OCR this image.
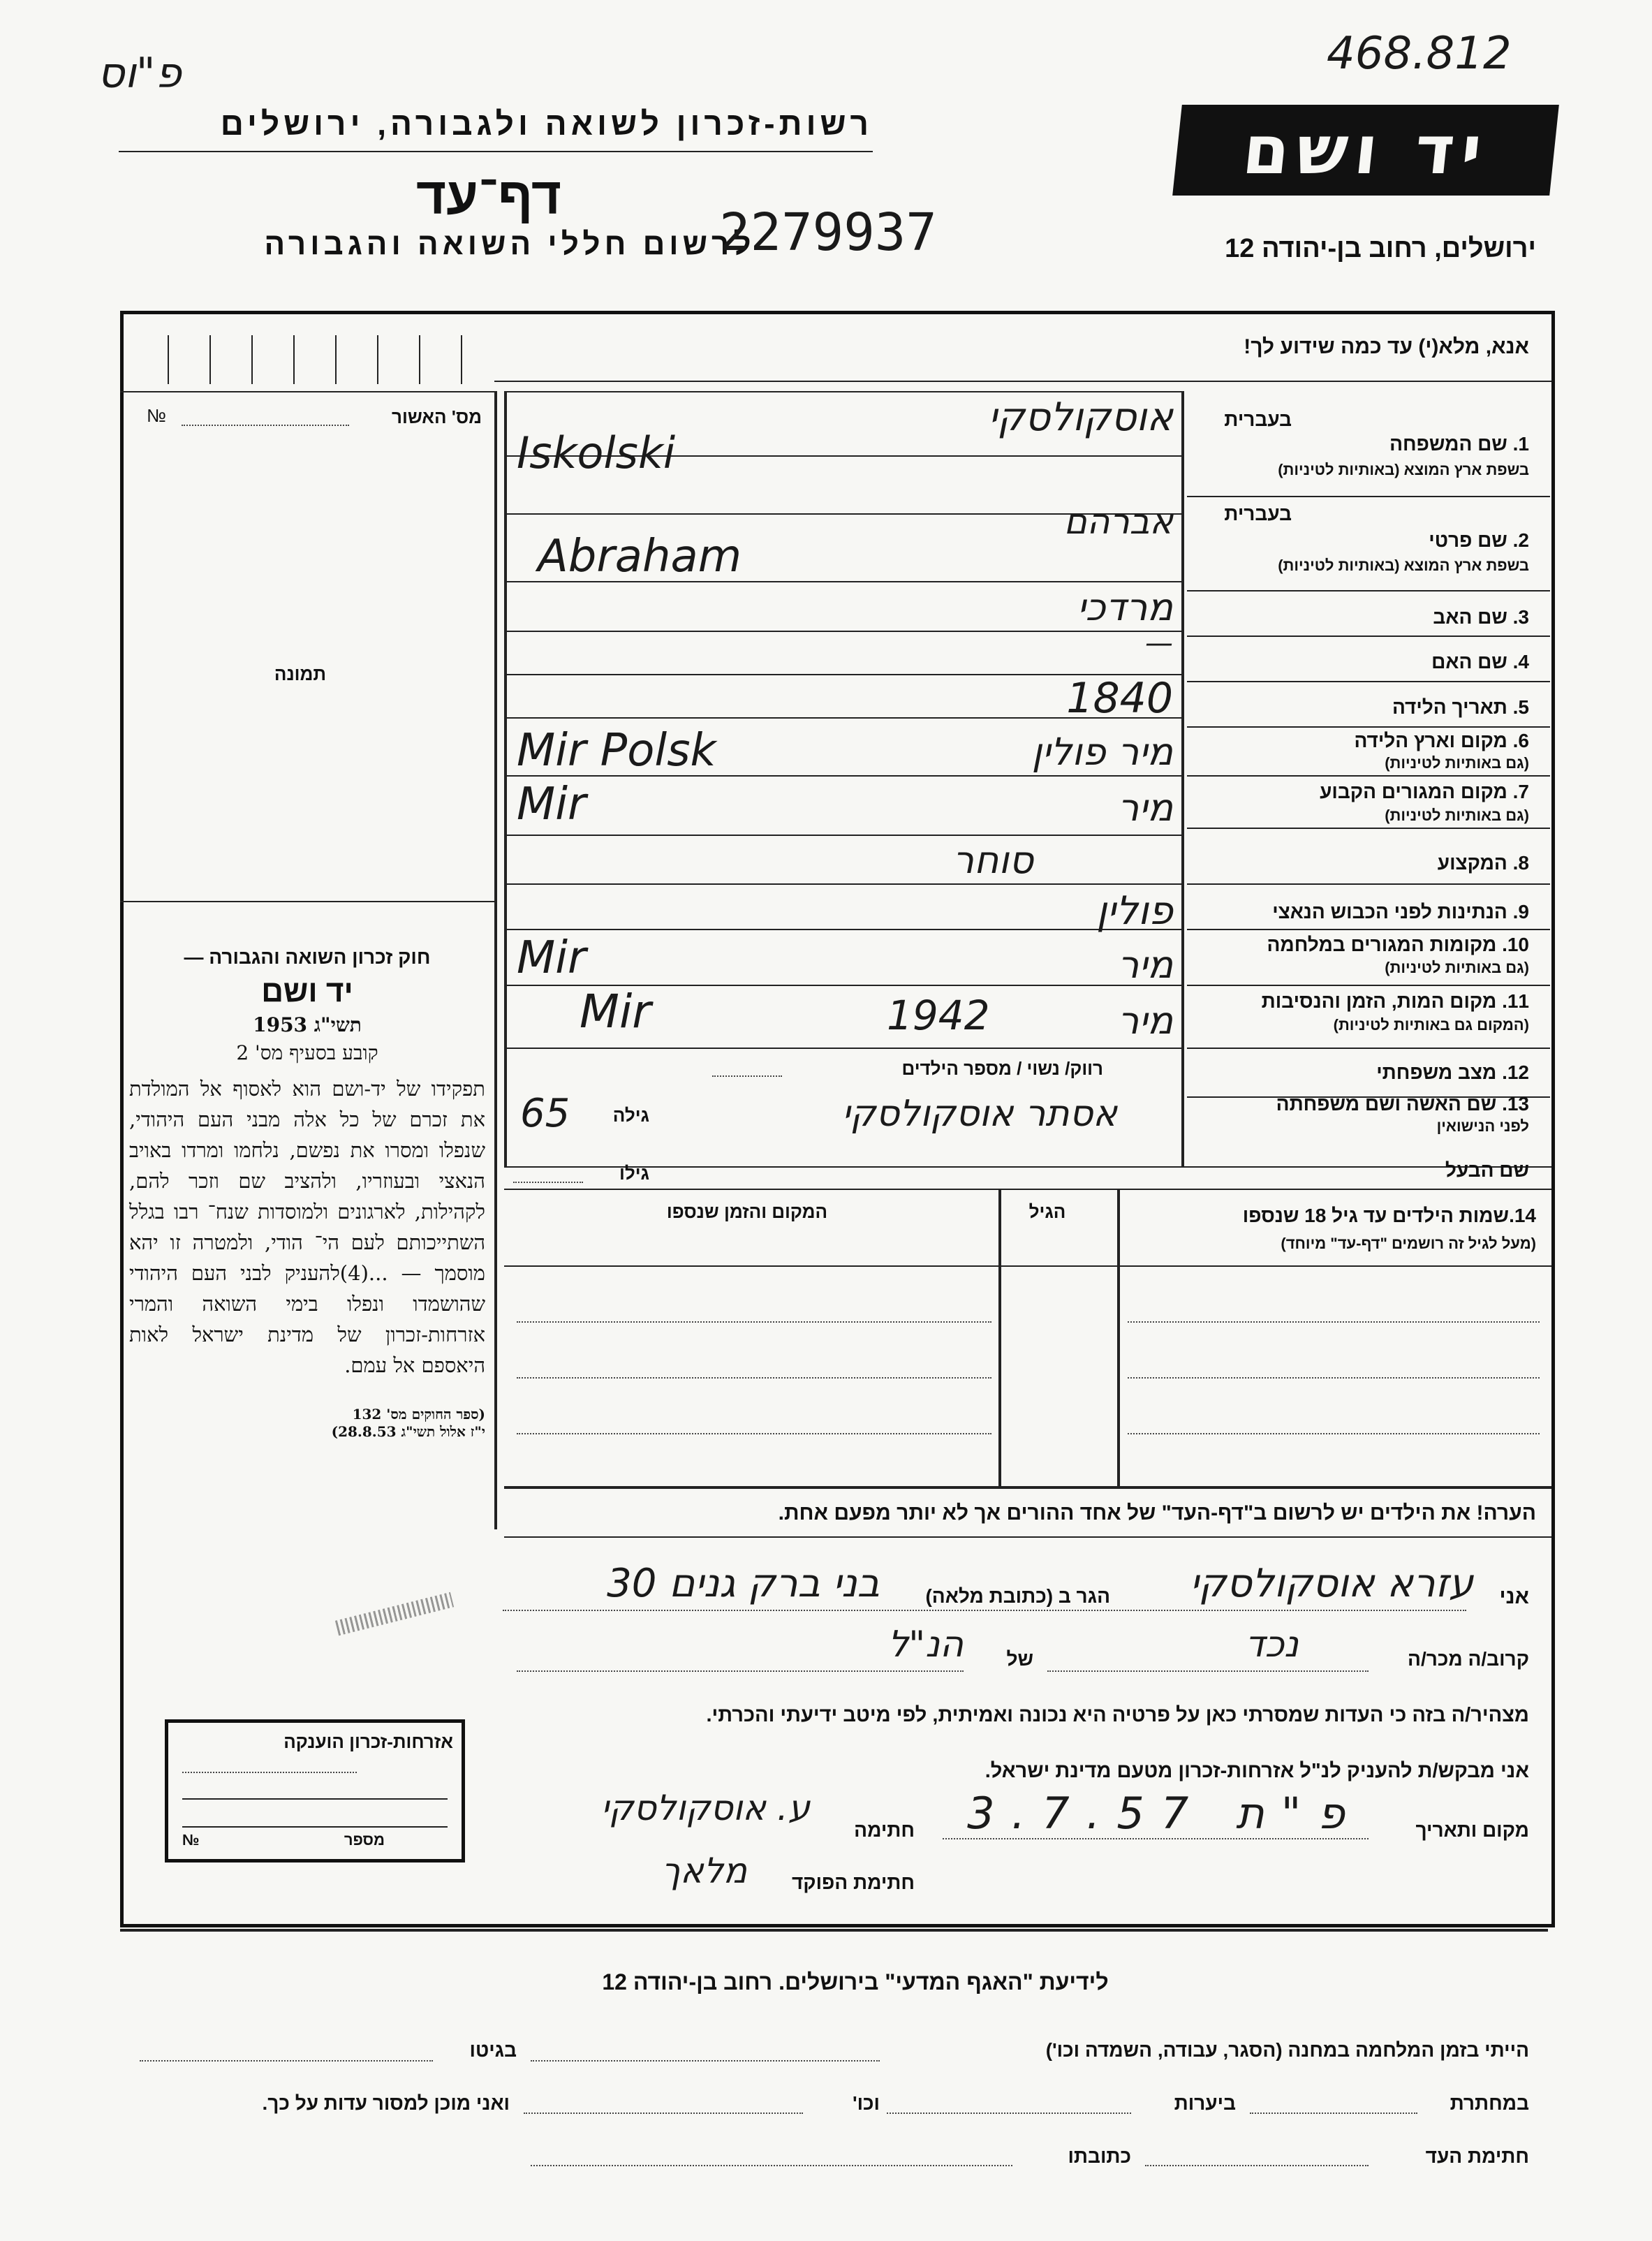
468.812
פ"וס
רשות-זכרון לשואה ולגבורה, ירושלים
דף־עד
לרשום חללי השואה והגבורה
2279937
יד ושם
ירושלים, רחוב בן-יהודה 12
מס' האשור
№
תמונה
חוק זכרון השואה והגבורה —
יד ושם
תשי"ג 1953
קובע בסעיף מס' 2
תפקידו של יד-ושם הוא לאסוף אל המולדת את זכרם של כל אלה מבני העם היהודי, שנפלו ומסרו את נפשם, נלחמו ומרדו באויב הנאצי ובעוזריו, ולהציב שם וזכר להם, לקהילות, לארגונים ולמוסדות שנח־ רבו בגלל השתייכותם לעם הי־ הודי, ולמטרה זו יהא מוסמך — ...(4)להעניק לבני העם היהודי שהושמדו ונפלו בימי השואה והמרי אזרחות-זכרון של מדינת ישראל לאות היאספם אל עמם.
(ספר החוקים מס' 132
י"ז אלול תשי"ג 28.8.53)
אזרחות-זכרון הוענקה
מספר
№
אנא, מלא(י) עד כמה שידוע לך!
בעברית
1. שם המשפחה
בשפת ארץ המוצא (באותיות לטיניות)
בעברית
2. שם פרטי
בשפת ארץ המוצא (באותיות לטיניות)
3. שם האב
4. שם האם
5. תאריך הלידה
6. מקום וארץ הלידה
(גם באותיות לטיניות)
7. מקום המגורים הקבוע
(גם באותיות לטיניות)
8. המקצוע
9. הנתינות לפני הכבוש הנאצי
10. מקומות המגורים במלחמה
(גם באותיות לטיניות)
11. מקום המות, הזמן והנסיבות
(המקום גם באותיות לטיניות)
12. מצב משפחתי
13. שם האשה ושם משפחתה
לפני הנישואין
שם הבעל
אוסקולסקי
Iskolski
אברהם
Abraham
מרדכי
—
1840
מיר פולין
Mir Polsk
מיר
Mir
סוחר
פולין
מיר
Mir
מיר
Mir	1942
רווק/ נשוי / מספר הילדים
אסתר אוסקולסקי
גילה
65
גילו
14.שמות הילדים עד גיל 18 שנספו
(מעל לגיל זה רושמים "דף-עד" מיוחד)
הגיל
המקום והזמן שנספו
הערה! את הילדים יש לרשום ב"דף-העד" של אחד ההורים אך לא יותר מפעם אחת.
אני
עזרא אוסקולסקי
הגר ב (כתובת מלאה)
בני ברק גנים 30
קרוב/ה מכר/ה
נכד
של
הנ"ל
מצהיר/ה בזה כי העדות שמסרתי כאן על פרטיה היא נכונה ואמיתית, לפי מיטב ידיעתי והכרתי.
אני מבקש/ת להעניק לנ"ל אזרחות-זכרון מטעם מדינת ישראל.
מקום ותאריך
פ"ת 3.7.57
חתימה
ע. אוסקולסקי
חתימת הפוקד
מלאך
לידיעת "האגף המדעי" בירושלים. רחוב בן-יהודה 12
הייתי בזמן המלחמה במחנה (הסגר, עבודה, השמדה וכו')
בגיטו
במחתרת
ביערות
וכו'
ואני מוכן למסור עדות על כך.
חתימת העד
כתובתו
